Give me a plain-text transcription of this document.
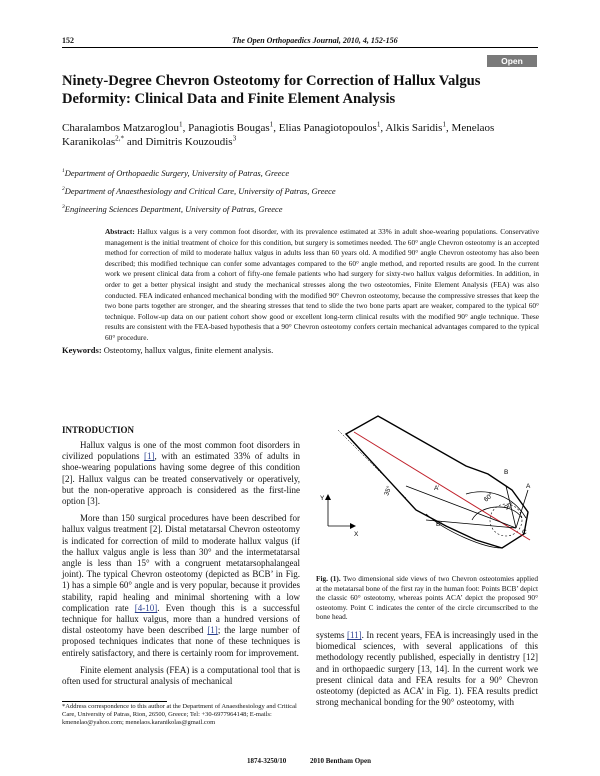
152	The Open Orthopaedics Journal, 2010, 4, 152-156
Open Access
Ninety-Degree Chevron Osteotomy for Correction of Hallux Valgus Deformity: Clinical Data and Finite Element Analysis
Charalambos Matzaroglou$^1$, Panagiotis Bougas$^1$, Elias Panagiotopoulos$^1$, Alkis Saridis$^1$, Menelaos Karanikolas$^{2,*}$ and Dimitris Kouzoudis$^3$
$^1$Department of Orthopaedic Surgery, University of Patras, Greece
$^2$Department of Anaesthesiology and Critical Care, University of Patras, Greece
$^3$Engineering Sciences Department, University of Patras, Greece
Abstract: Hallux valgus is a very common foot disorder, with its prevalence estimated at 33% in adult shoe-wearing populations. Conservative management is the initial treatment of choice for this condition, but surgery is sometimes needed. The 60° angle Chevron osteotomy is an accepted method for correction of mild to moderate hallux valgus in adults less than 60 years old. A modified 90° angle Chevron osteotomy has also been described; this modified technique can confer some advantages compared to the 60° angle method, and reported results are good. In the current work we present clinical data from a cohort of fifty-one female patients who had surgery for sixty-two hallux valgus deformities. In addition, in order to get a better physical insight and study the mechanical stresses along the two osteotomies, Finite Element Analysis (FEA) was also conducted. FEA indicated enhanced mechanical bonding with the modified 90° Chevron osteotomy, because the compressive stresses that keep the two bone parts together are stronger, and the shearing stresses that tend to slide the two bone parts apart are weaker, compared to the typical 60° technique. Follow-up data on our patient cohort show good or excellent long-term clinical results with the modified 90° angle technique. These results are consistent with the FEA-based hypothesis that a 90° Chevron osteotomy confers certain mechanical advantages compared to the typical 60° procedure.
Keywords: Osteotomy, hallux valgus, finite element analysis.
INTRODUCTION

Hallux valgus is one of the most common foot disorders in civilized populations [1], with an estimated 33% of adults in shoe-wearing populations having some degree of this condition [2]. Hallux valgus can be treated conservatively or operatively, but the non-operative approach is considered as the first-line option [3].

More than 150 surgical procedures have been described for hallux valgus treatment [2]. Distal metatarsal Chevron osteotomy is indicated for correction of mild to moderate hallux valgus (if the hallux valgus angle is less than 30° and the intermetatarsal angle is less than 15° with a congruent metatarsophalangeal joint). The typical Chevron osteotomy (depicted as BCB’ in Fig. 1) has a simple 60° angle and is very popular, because it provides stability, rapid healing and minimal shortening with a low complication rate [4-10]. Even though this is a successful technique for hallux valgus, more than a hundred versions of distal osteotomy have been described [1]; the large number of proposed techniques indicates that none of these techniques is entirely satisfactory, and there is certainly room for improvement.

Finite element analysis (FEA) is a computational tool that is often used for structural analysis of mechanical

*Address correspondence to this author at the Department of Anaesthesiology and Critical Care, University of Patras, Rion, 26500, Greece; Tel: +30-6977964148; E-mails: kmenelao@yahoo.com; menelaos.karanikolas@gmail.com
Y
X
A
B
C
A’
B’
35°
60°
90°
Fig. (1). Two dimensional side views of two Chevron osteotomies applied at the metatarsal bone of the first ray in the human foot: Points BCB’ depict the classic 60° osteotomy, whereas points ACA’ depict the proposed 90° osteotomy. Point C indicates the center of the circle circumscribed to the bone head.

systems [11]. In recent years, FEA is increasingly used in the biomedical sciences, with several applications of this methodology recently published, especially in dentistry [12] and in orthopaedic surgery [13, 14]. In the current work we present clinical data and FEA results for a 90° Chevron osteotomy (depicted as ACA’ in Fig. 1). FEA results predict strong mechanical bonding for the 90° osteotomy, with

1874-3250/10	2010 Bentham Open
